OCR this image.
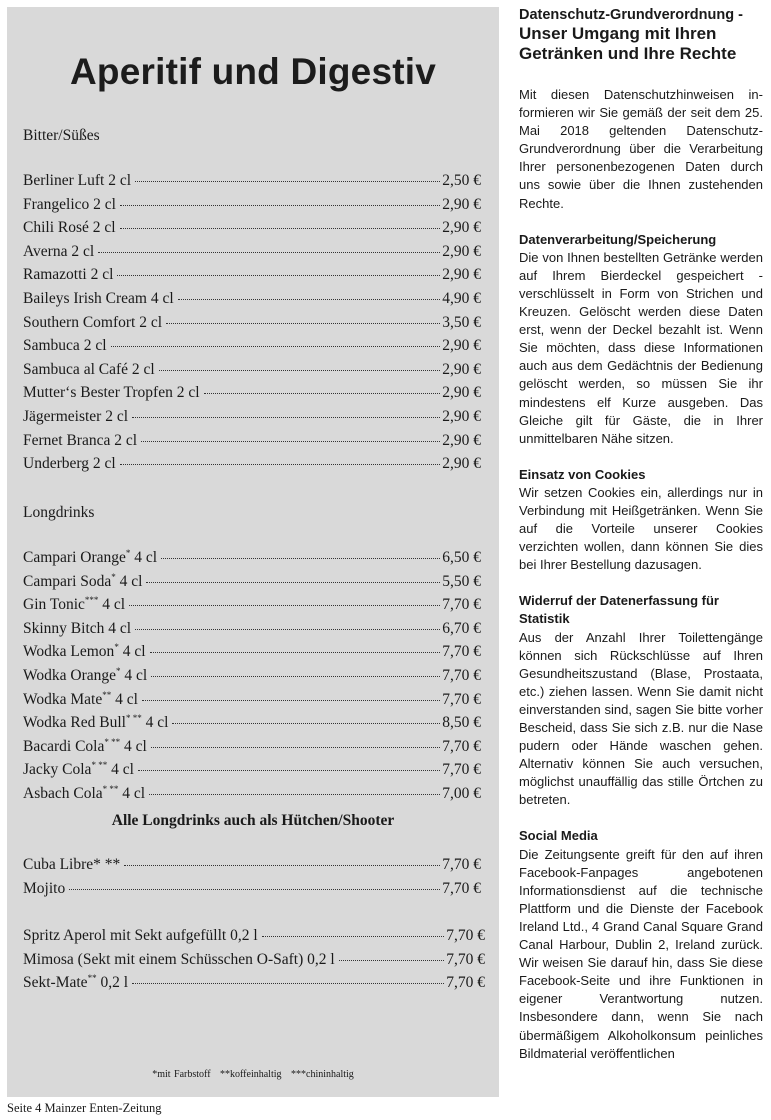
Aperitif und Digestiv
Bitter/Süßes
Berliner Luft 2 cl	2,50 €
Frangelico 2 cl	2,90 €
Chili Rosé 2 cl	2,90 €
Averna 2 cl	2,90 €
Ramazotti 2 cl	2,90 €
Baileys Irish Cream 4 cl	4,90 €
Southern Comfort 2 cl	3,50 €
Sambuca 2 cl	2,90 €
Sambuca al Café 2 cl	2,90 €
Mutter‘s Bester Tropfen 2 cl	2,90 €
Jägermeister 2 cl	2,90 €
Fernet Branca 2 cl	2,90 €
Underberg 2 cl	2,90 €
Longdrinks
Campari Orange* 4 cl	6,50 €
Campari Soda* 4 cl	5,50 €
Gin Tonic*** 4 cl	7,70 €
Skinny Bitch 4 cl	6,70 €
Wodka Lemon* 4 cl	7,70 €
Wodka Orange* 4 cl	7,70 €
Wodka Mate** 4 cl	7,70 €
Wodka Red Bull* ** 4 cl	8,50 €
Bacardi Cola* ** 4 cl	7,70 €
Jacky Cola* ** 4 cl	7,70 €
Asbach Cola* ** 4 cl	7,00 €
Alle Longdrinks auch als Hütchen/Shooter
Cuba Libre* **	7,70 €
Mojito	7,70 €
Spritz Aperol mit Sekt aufgefüllt 0,2 l	7,70 €
Mimosa (Sekt mit einem Schüsschen O-Saft) 0,2 l	7,70 €
Sekt-Mate** 0,2 l	7,70 €
*mit Farbstoff **koffeinhaltig ***chininhaltig
Seite 4 Mainzer Enten-Zeitung
Datenschutz-Grundverordnung -
Unser Umgang mit Ihren
Getränken und Ihre Rechte

Mit diesen Datenschutzhinweisen informieren wir Sie gemäß der seit dem 25. Mai 2018 geltenden Datenschutz-Grundverordnung über die Verarbeitung Ihrer personenbezogenen Daten durch uns sowie über die Ihnen zustehenden Rechte.

Datenverarbeitung/Speicherung

Die von Ihnen bestellten Getränke werden auf Ihrem Bierdeckel gespeichert - verschlüsselt in Form von Strichen und Kreuzen. Gelöscht werden diese Daten erst, wenn der Deckel bezahlt ist. Wenn Sie möchten, dass diese Informationen auch aus dem Gedächtnis der Bedienung gelöscht werden, so müssen Sie ihr mindestens elf Kurze ausgeben. Das Gleiche gilt für Gäste, die in Ihrer unmittelbaren Nähe sitzen.

Einsatz von Cookies

Wir setzen Cookies ein, allerdings nur in Verbindung mit Heißgetränken. Wenn Sie auf die Vorteile unserer Cookies verzichten wollen, dann können Sie dies bei Ihrer Bestellung dazusagen.

Widerruf der Datenerfassung für Statistik

Aus der Anzahl Ihrer Toilettengänge können sich Rückschlüsse auf Ihren Gesundheitszustand (Blase, Prostaata, etc.) ziehen lassen. Wenn Sie damit nicht einverstanden sind, sagen Sie bitte vorher Bescheid, dass Sie sich z.B. nur die Nase pudern oder Hände waschen gehen. Alternativ können Sie auch versuchen, möglichst unauffällig das stille Örtchen zu betreten.

Social Media

Die Zeitungsente greift für den auf ihren Facebook-Fanpages angebotenen Informationsdienst auf die technische Plattform und die Dienste der Facebook Ireland Ltd., 4 Grand Canal Square Grand Canal Harbour, Dublin 2, Ireland zurück. Wir weisen Sie darauf hin, dass Sie diese Facebook-Seite und ihre Funktionen in eigener Verantwortung nutzen. Insbesondere dann, wenn Sie nach übermäßigem Alkoholkonsum peinliches Bildmaterial veröffentlichen
